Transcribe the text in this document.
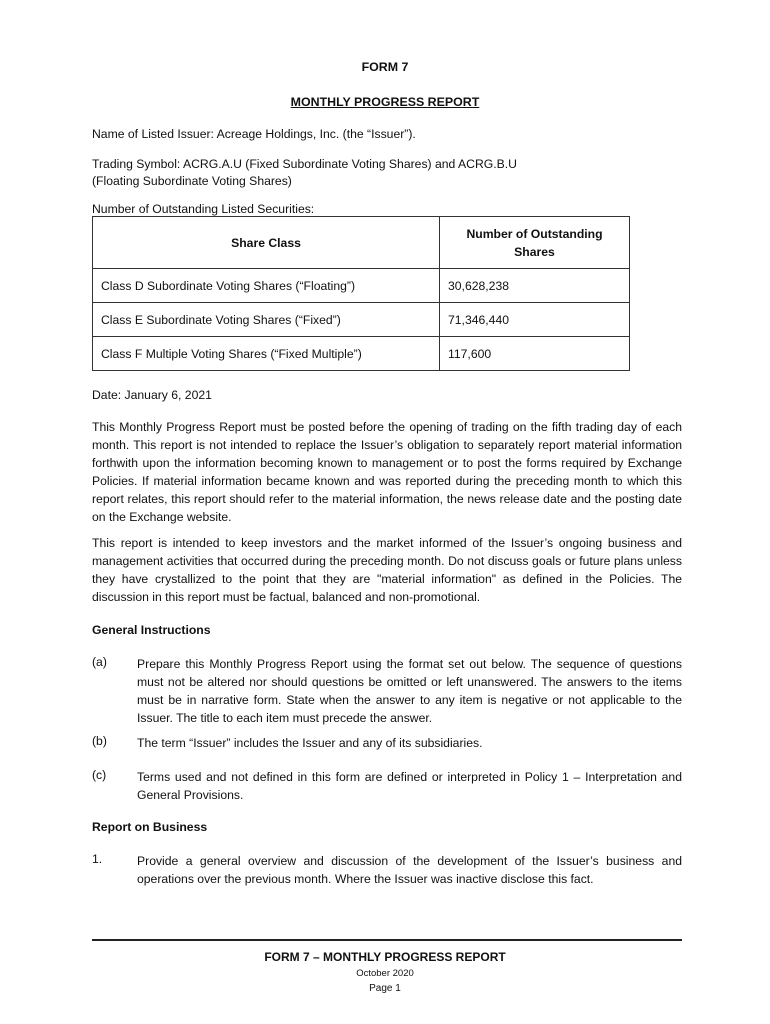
FORM 7
MONTHLY PROGRESS REPORT
Name of Listed Issuer: Acreage Holdings, Inc. (the “Issuer”).
Trading Symbol: ACRG.A.U (Fixed Subordinate Voting Shares) and ACRG.B.U
(Floating Subordinate Voting Shares)
Number of Outstanding Listed Securities:
Share Class	Number of Outstanding Shares
Class D Subordinate Voting Shares (“Floating”)	30,628,238
Class E Subordinate Voting Shares (“Fixed”)	71,346,440
Class F Multiple Voting Shares (“Fixed Multiple”)	117,600
Date: January 6, 2021
This Monthly Progress Report must be posted before the opening of trading on the fifth trading day of each month. This report is not intended to replace the Issuer’s obligation to separately report material information forthwith upon the information becoming known to management or to post the forms required by Exchange Policies. If material information became known and was reported during the preceding month to which this report relates, this report should refer to the material information, the news release date and the posting date on the Exchange website.
This report is intended to keep investors and the market informed of the Issuer’s ongoing business and management activities that occurred during the preceding month. Do not discuss goals or future plans unless they have crystallized to the point that they are "material information" as defined in the Policies. The discussion in this report must be factual, balanced and non-promotional.
General Instructions
(a) Prepare this Monthly Progress Report using the format set out below. The sequence of questions must not be altered nor should questions be omitted or left unanswered. The answers to the items must be in narrative form. State when the answer to any item is negative or not applicable to the Issuer. The title to each item must precede the answer.
(b) The term “Issuer” includes the Issuer and any of its subsidiaries.
(c)	Terms used and not defined in this form are defined or interpreted in Policy 1 – Interpretation and General Provisions.
Report on Business
1.	Provide a general overview and discussion of the development of the Issuer’s business and operations over the previous month. Where the Issuer was inactive disclose this fact.
FORM 7 – MONTHLY PROGRESS REPORT
October 2020
Page 1
